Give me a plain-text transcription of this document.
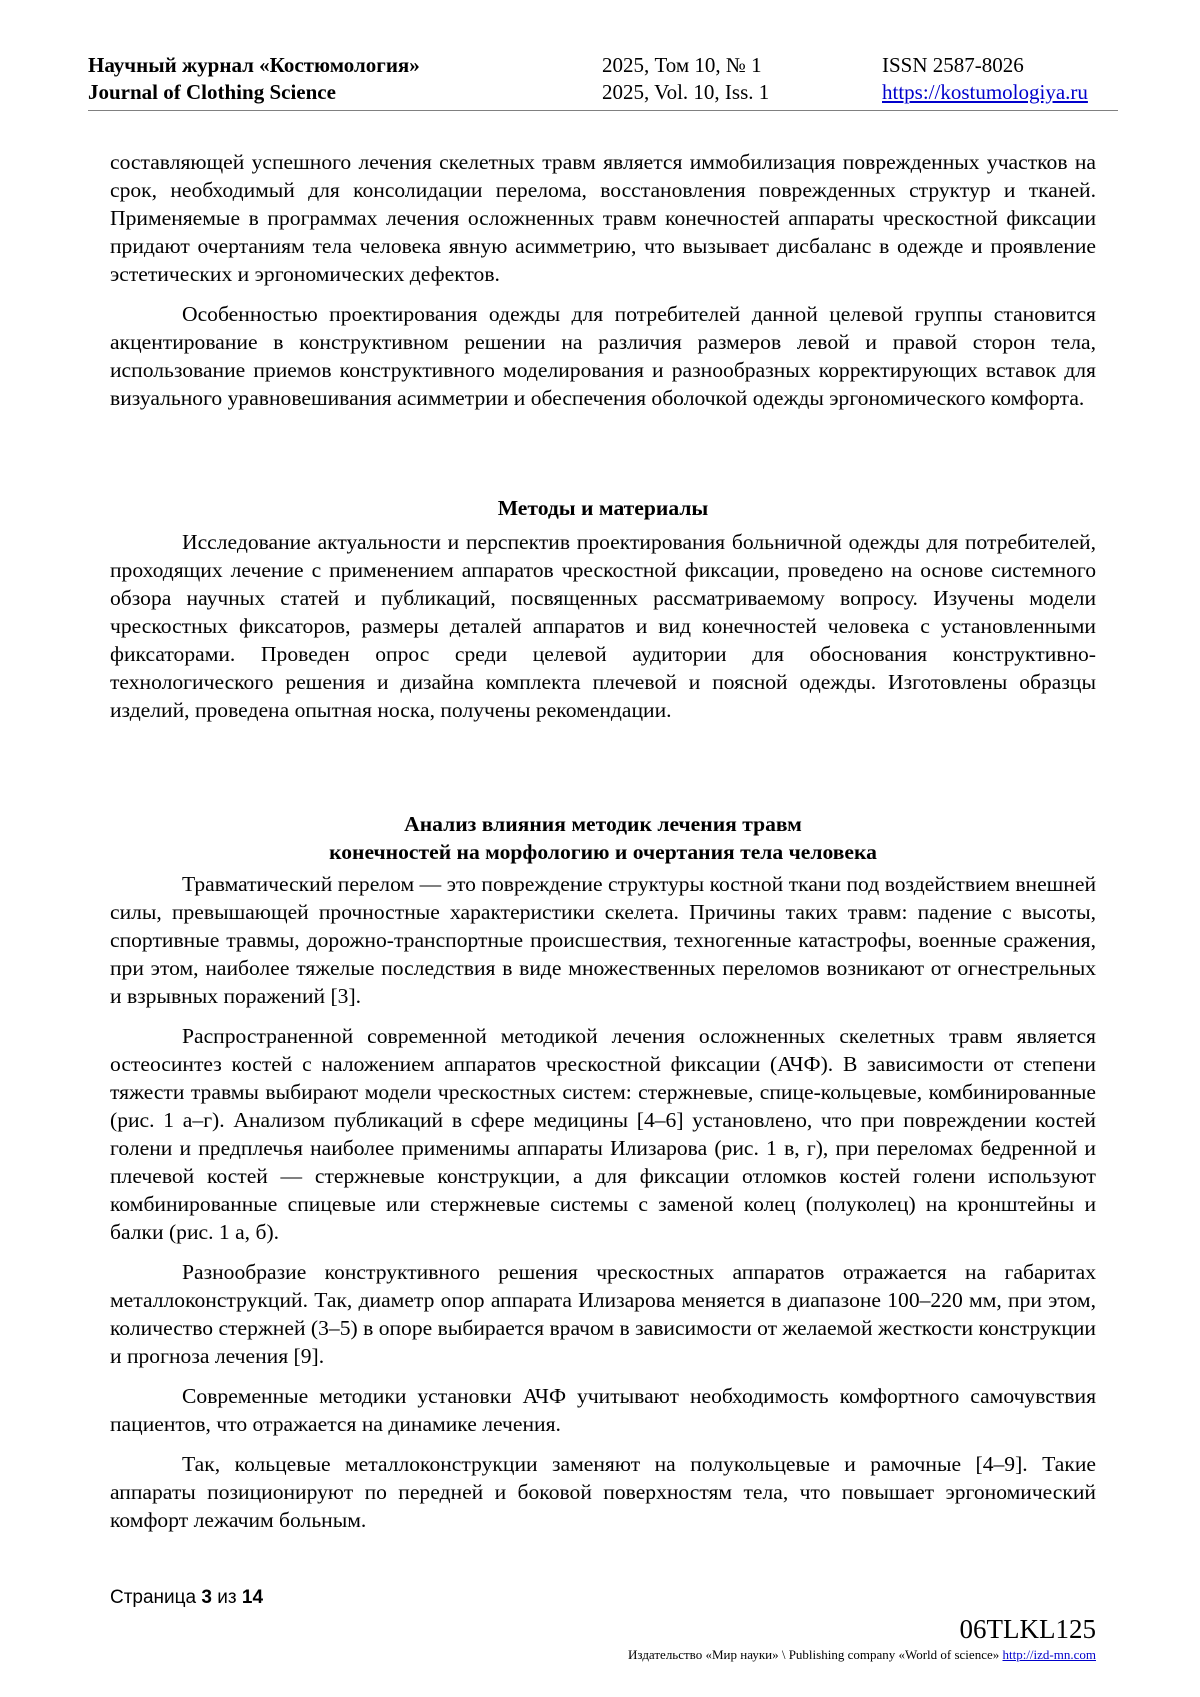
Научный журнал «Костюмология»
Journal of Clothing Science
2025, Том 10, № 1
2025, Vol. 10, Iss. 1
ISSN 2587-8026
https://kostumologiya.ru

составляющей успешного лечения скелетных травм является иммобилизация поврежденных участков на срок, необходимый для консолидации перелома, восстановления поврежденных структур и тканей. Применяемые в программах лечения осложненных травм конечностей аппараты чрескостной фиксации придают очертаниям тела человека явную асимметрию, что вызывает дисбаланс в одежде и проявление эстетических и эргономических дефектов.

Особенностью проектирования одежды для потребителей данной целевой группы становится акцентирование в конструктивном решении на различия размеров левой и правой сторон тела, использование приемов конструктивного моделирования и разнообразных корректирующих вставок для визуального уравновешивания асимметрии и обеспечения оболочкой одежды эргономического комфорта.

Методы и материалы

Исследование актуальности и перспектив проектирования больничной одежды для потребителей, проходящих лечение с применением аппаратов чрескостной фиксации, проведено на основе системного обзора научных статей и публикаций, посвященных рассматриваемому вопросу. Изучены модели чрескостных фиксаторов, размеры деталей аппаратов и вид конечностей человека с установленными фиксаторами. Проведен опрос среди целевой аудитории для обоснования конструктивно-технологического решения и дизайна комплекта плечевой и поясной одежды. Изготовлены образцы изделий, проведена опытная носка, получены рекомендации.

Анализ влияния методик лечения травм
конечностей на морфологию и очертания тела человека

Травматический перелом — это повреждение структуры костной ткани под воздействием внешней силы, превышающей прочностные характеристики скелета. Причины таких травм: падение с высоты, спортивные травмы, дорожно-транспортные происшествия, техногенные катастрофы, военные сражения, при этом, наиболее тяжелые последствия в виде множественных переломов возникают от огнестрельных и взрывных поражений [3].

Распространенной современной методикой лечения осложненных скелетных травм является остеосинтез костей с наложением аппаратов чрескостной фиксации (АЧФ). В зависимости от степени тяжести травмы выбирают модели чрескостных систем: стержневые, спице-кольцевые, комбинированные (рис. 1 а–г). Анализом публикаций в сфере медицины [4–6] установлено, что при повреждении костей голени и предплечья наиболее применимы аппараты Илизарова (рис. 1 в, г), при переломах бедренной и плечевой костей — стержневые конструкции, а для фиксации отломков костей голени используют комбинированные спицевые или стержневые системы с заменой колец (полуколец) на кронштейны и балки (рис. 1 а, б).

Разнообразие конструктивного решения чрескостных аппаратов отражается на габаритах металлоконструкций. Так, диаметр опор аппарата Илизарова меняется в диапазоне 100–220 мм, при этом, количество стержней (3–5) в опоре выбирается врачом в зависимости от желаемой жесткости конструкции и прогноза лечения [9].

Современные методики установки АЧФ учитывают необходимость комфортного самочувствия пациентов, что отражается на динамике лечения.

Так, кольцевые металлоконструкции заменяют на полукольцевые и рамочные [4–9]. Такие аппараты позиционируют по передней и боковой поверхностям тела, что повышает эргономический комфорт лежачим больным.

Страница 3 из 14
06TLKL125
Издательство «Мир науки» \ Publishing company «World of science» http://izd-mn.com
